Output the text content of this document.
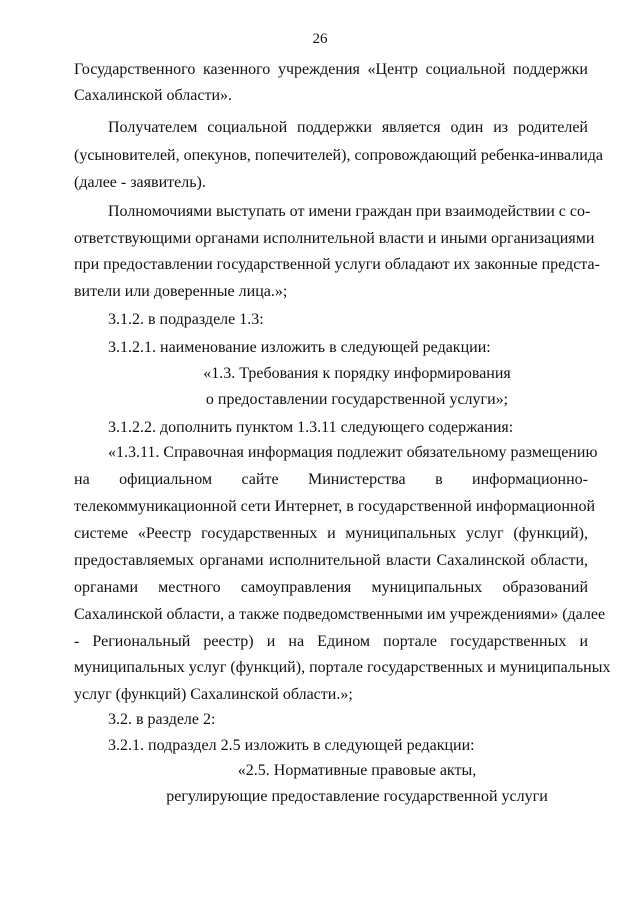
26
Государственного казенного учреждения «Центр социальной поддержки
Сахалинской области».
Получателем социальной поддержки является один из родителей
(усыновителей, опекунов, попечителей), сопровождающий ребенка-инвалида
(далее - заявитель).
Полномочиями выступать от имени граждан при взаимодействии с со-
ответствующими органами исполнительной власти и иными организациями
при предоставлении государственной услуги обладают их законные предста-
вители или доверенные лица.»;
3.1.2. в подразделе 1.3:
3.1.2.1. наименование изложить в следующей редакции:
«1.3. Требования к порядку информирования
о предоставлении государственной услуги»;
3.1.2.2. дополнить пунктом 1.3.11 следующего содержания:
«1.3.11. Справочная информация подлежит обязательному размещению
на официальном сайте Министерства в информационно-
телекоммуникационной сети Интернет, в государственной информационной
системе «Реестр государственных и муниципальных услуг (функций),
предоставляемых органами исполнительной власти Сахалинской области,
органами местного самоуправления муниципальных образований
Сахалинской области, а также подведомственными им учреждениями» (далее
- Региональный реестр) и на Едином портале государственных и
муниципальных услуг (функций), портале государственных и муниципальных
услуг (функций) Сахалинской области.»;
3.2. в разделе 2:
3.2.1. подраздел 2.5 изложить в следующей редакции:
«2.5. Нормативные правовые акты,
регулирующие предоставление государственной услуги
